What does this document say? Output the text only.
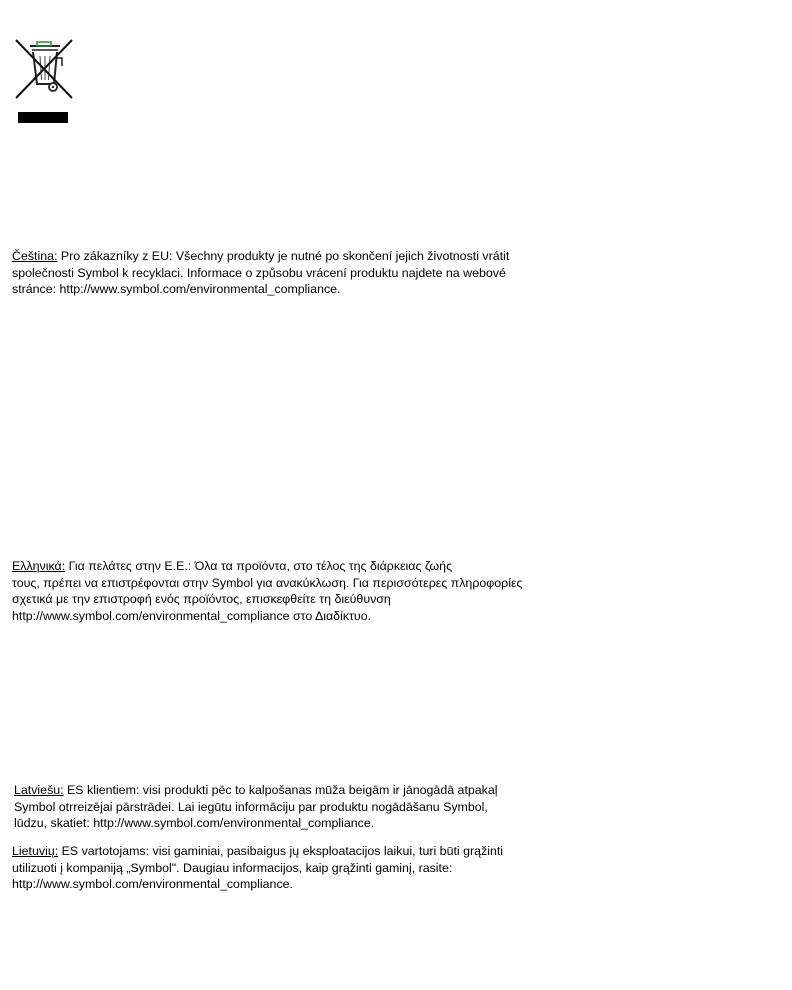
Čeština: Pro zákazníky z EU: Všechny produkty je nutné po skončení jejich životnosti vrátit
společnosti Symbol k recyklaci. Informace o způsobu vrácení produktu najdete na webové
stránce: http://www.symbol.com/environmental_compliance.

Ελληνικά: Για πελάτες στην Ε.Ε.: Όλα τα προϊόντα, στο τέλος της διάρκειας ζωής
τους, πρέπει να επιστρέφονται στην Symbol για ανακύκλωση. Για περισσότερες πληροφορίες
σχετικά με την επιστροφή ενός προϊόντος, επισκεφθείτε τη διεύθυνση
http://www.symbol.com/environmental_compliance στο Διαδίκτυο.

Latviešu: ES klientiem: visi produkti pēc to kalpošanas mūža beigām ir jānogādā atpakaļ
Symbol otrreizējai pārstrādei. Lai iegūtu informāciju par produktu nogādāšanu Symbol,
lūdzu, skatiet: http://www.symbol.com/environmental_compliance.

Lietuvių: ES vartotojams: visi gaminiai, pasibaigus jų eksploatacijos laikui, turi būti grąžinti
utilizuoti į kompaniją „Symbol". Daugiau informacijos, kaip grąžinti gaminį, rasite:
http://www.symbol.com/environmental_compliance.
